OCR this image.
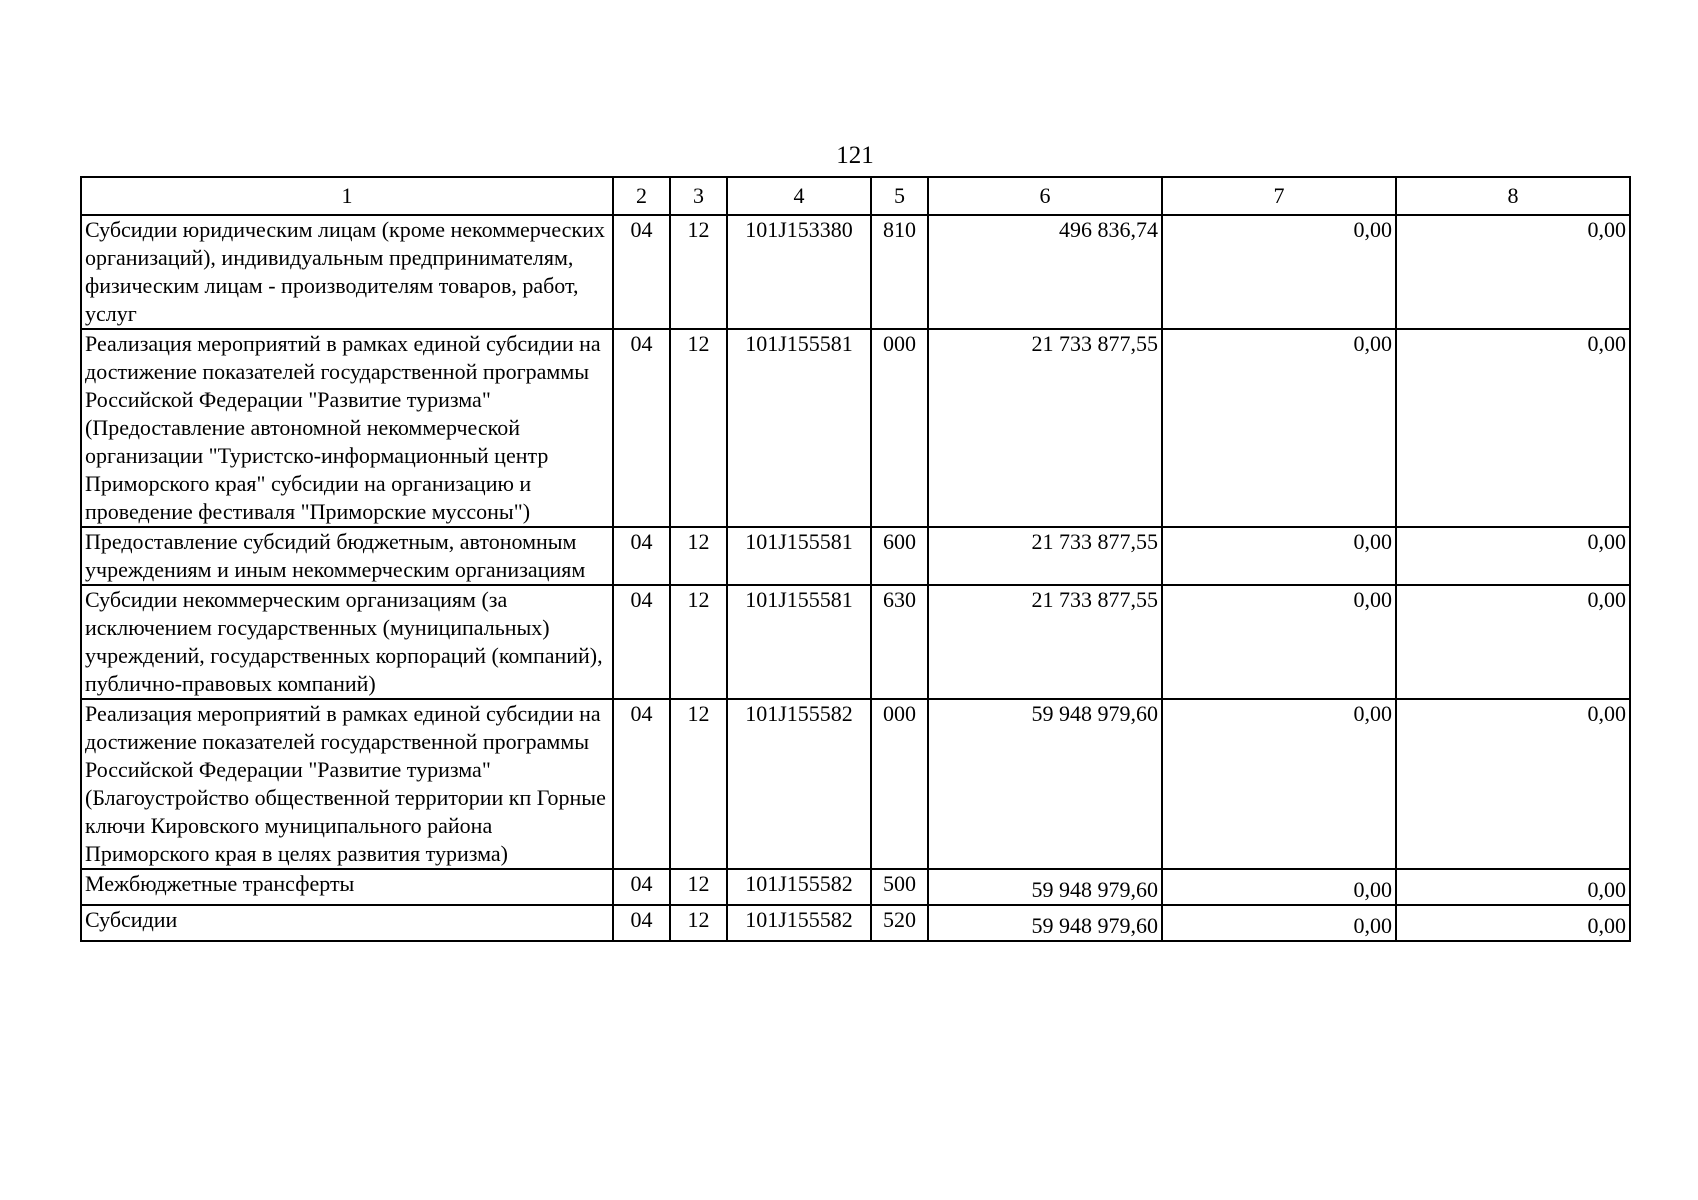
121
1	2	3	4	5	6	7	8
Субсидии юридическим лицам (кроме некоммерческих организаций), индивидуальным предпринимателям, физическим лицам - производителям товаров, работ, услуг	04	12	101J153380	810	496 836,74	0,00	0,00
Реализация мероприятий в рамках единой субсидии на достижение показателей государственной программы Российской Федерации "Развитие туризма" (Предоставление автономной некоммерческой организации "Туристско-информационный центр Приморского края" субсидии на организацию и проведение фестиваля "Приморские муссоны")	04	12	101J155581	000	21 733 877,55	0,00	0,00
Предоставление субсидий бюджетным, автономным учреждениям и иным некоммерческим организациям	04	12	101J155581	600	21 733 877,55	0,00	0,00
Субсидии некоммерческим организациям (за исключением государственных (муниципальных) учреждений, государственных корпораций (компаний), публично-правовых компаний)	04	12	101J155581	630	21 733 877,55	0,00	0,00
Реализация мероприятий в рамках единой субсидии на достижение показателей государственной программы Российской Федерации "Развитие туризма" (Благоустройство общественной территории кп Горные ключи Кировского муниципального района Приморского края в целях развития туризма)	04	12	101J155582	000	59 948 979,60	0,00	0,00
Межбюджетные трансферты	04	12	101J155582	500	59 948 979,60	0,00	0,00
Субсидии	04	12	101J155582	520	59 948 979,60	0,00	0,00
